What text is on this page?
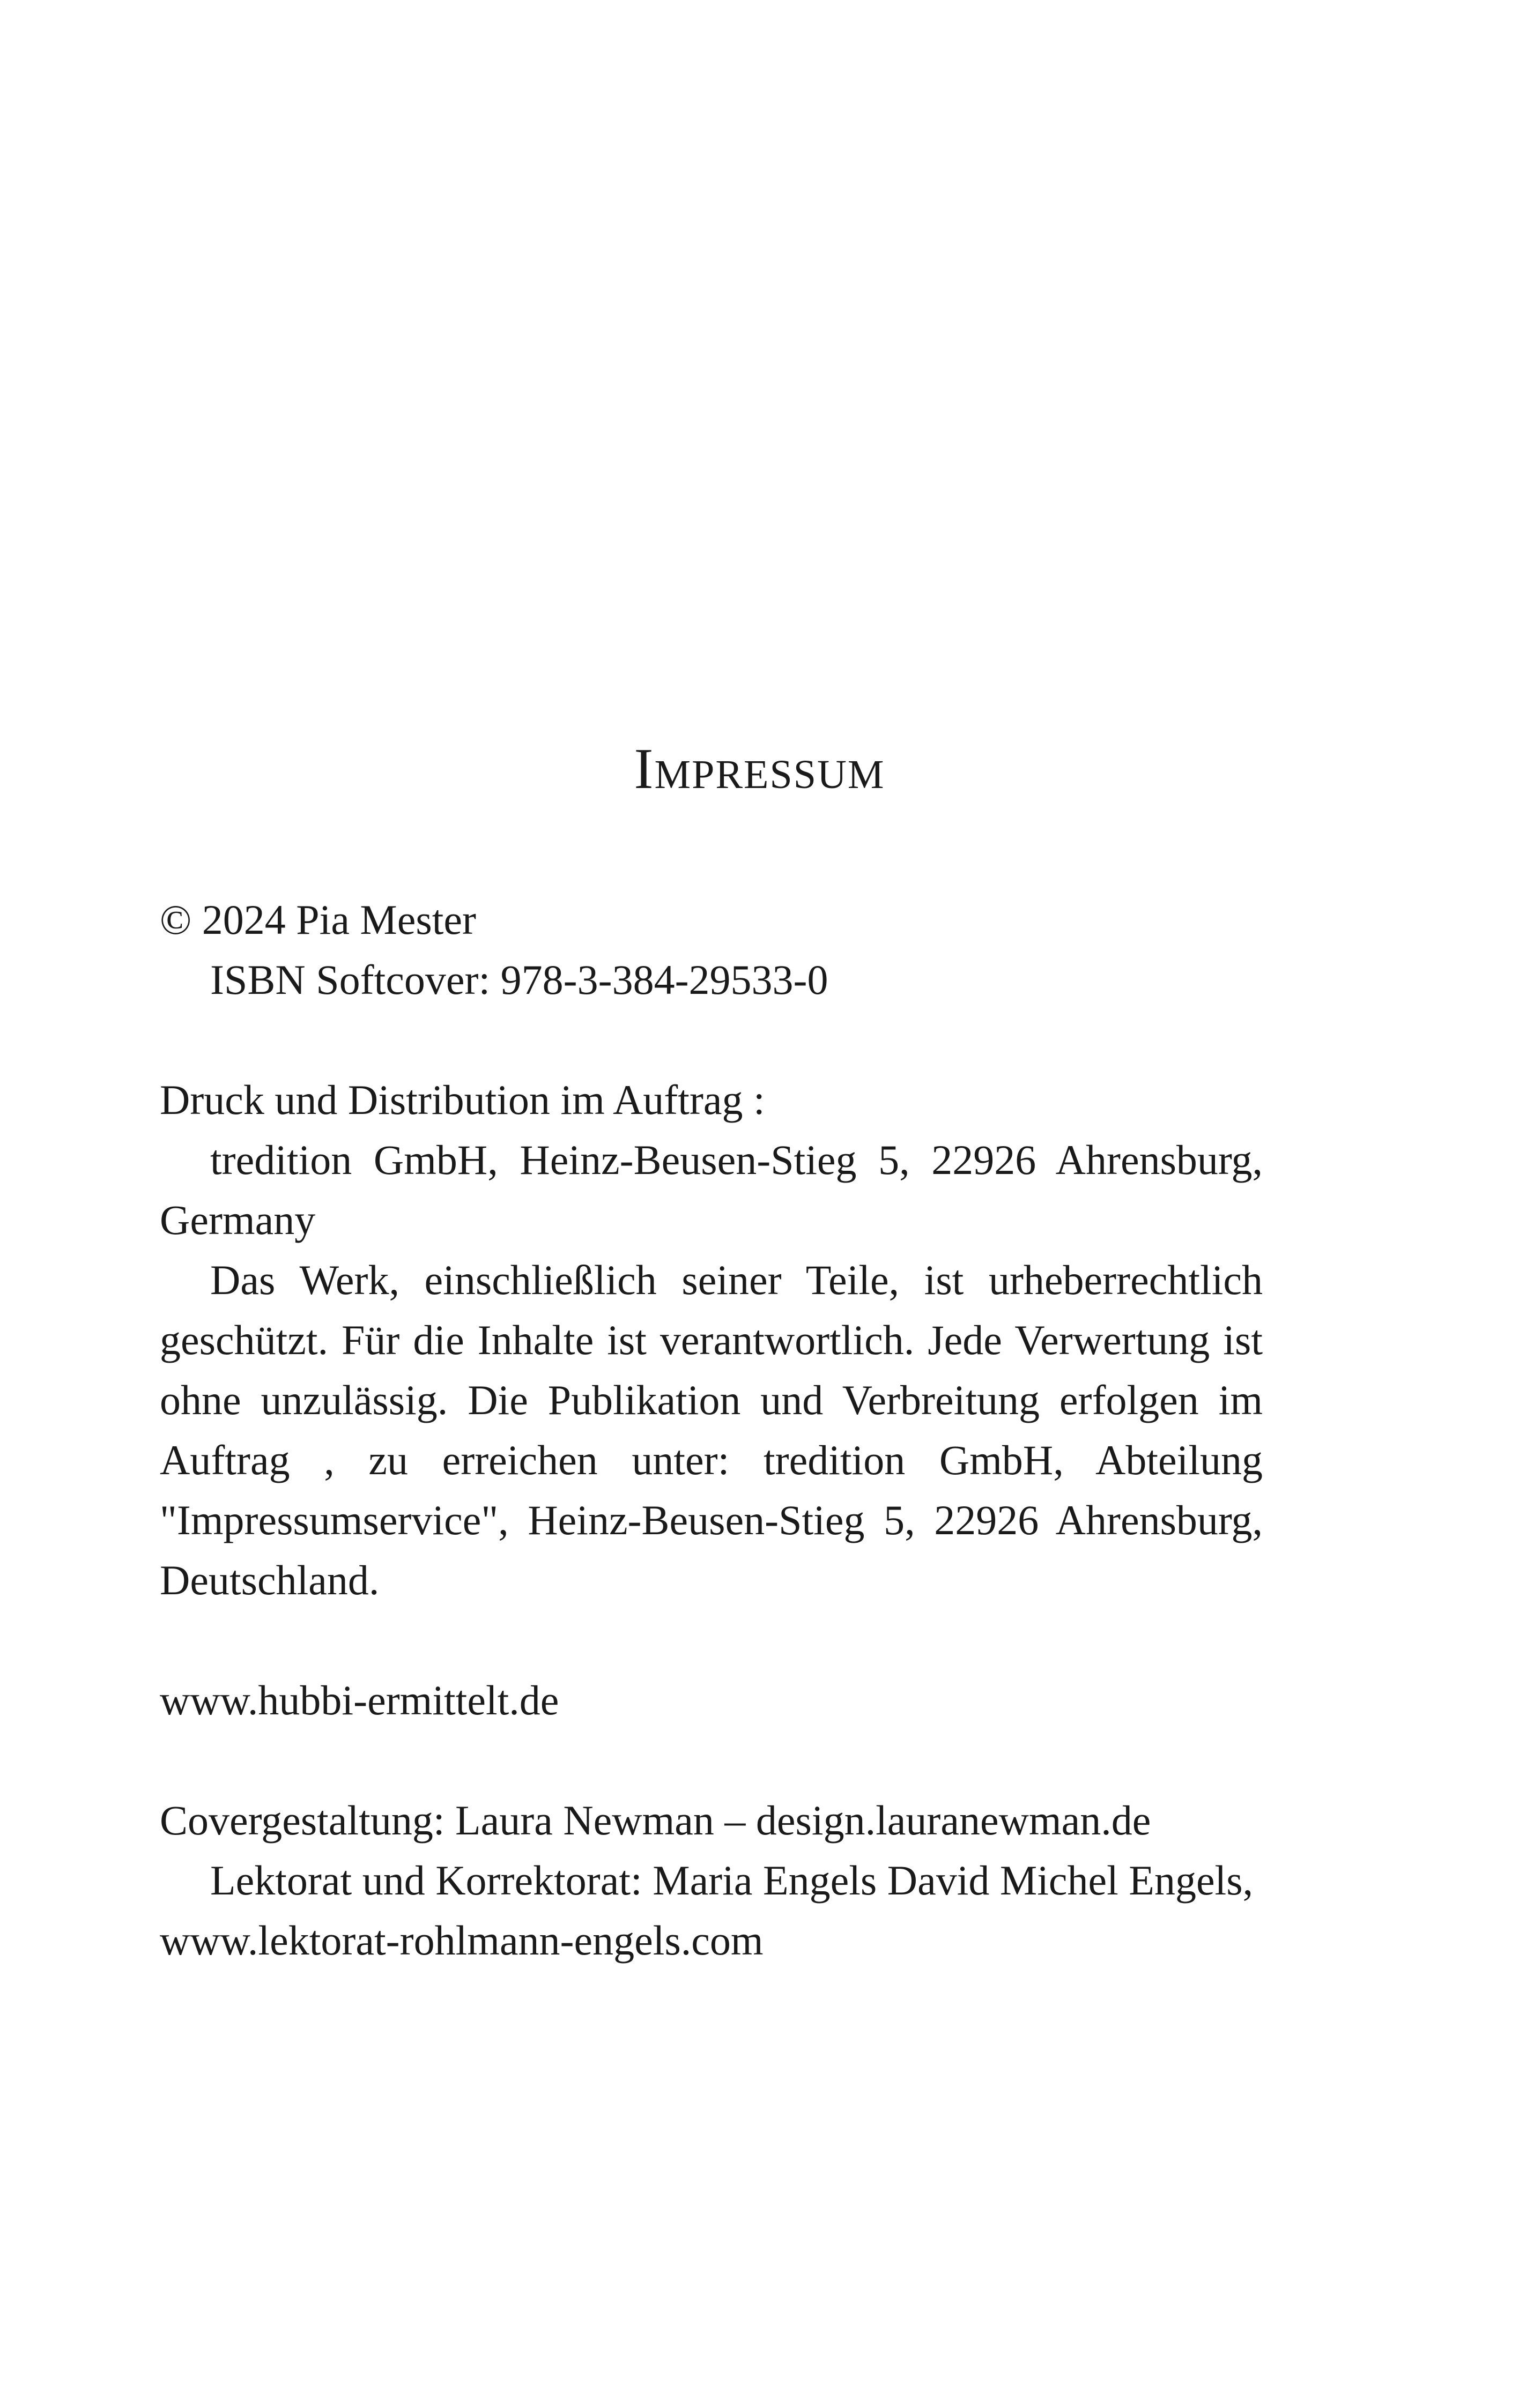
Impressum

© 2024 Pia Mester

ISBN Softcover: 978-3-384-29533-0

Druck und Distribution im Auftrag :

tredition GmbH, Heinz-Beusen-Stieg 5, 22926 Ahrensburg, Germany

Das Werk, einschließlich seiner Teile, ist urheberrechtlich geschützt. Für die Inhalte ist verantwortlich. Jede Verwertung ist ohne unzulässig. Die Publikation und Verbreitung erfolgen im Auftrag , zu erreichen unter: tredition GmbH, Abteilung "Impressumservice", Heinz-Beusen-Stieg 5, 22926 Ahrensburg, Deutschland.

www.hubbi-ermittelt.de

Covergestaltung: Laura Newman – design.lauranewman.de

Lektorat und Korrektorat: Maria Engels David Michel Engels, www.lektorat-rohlmann-engels.com
